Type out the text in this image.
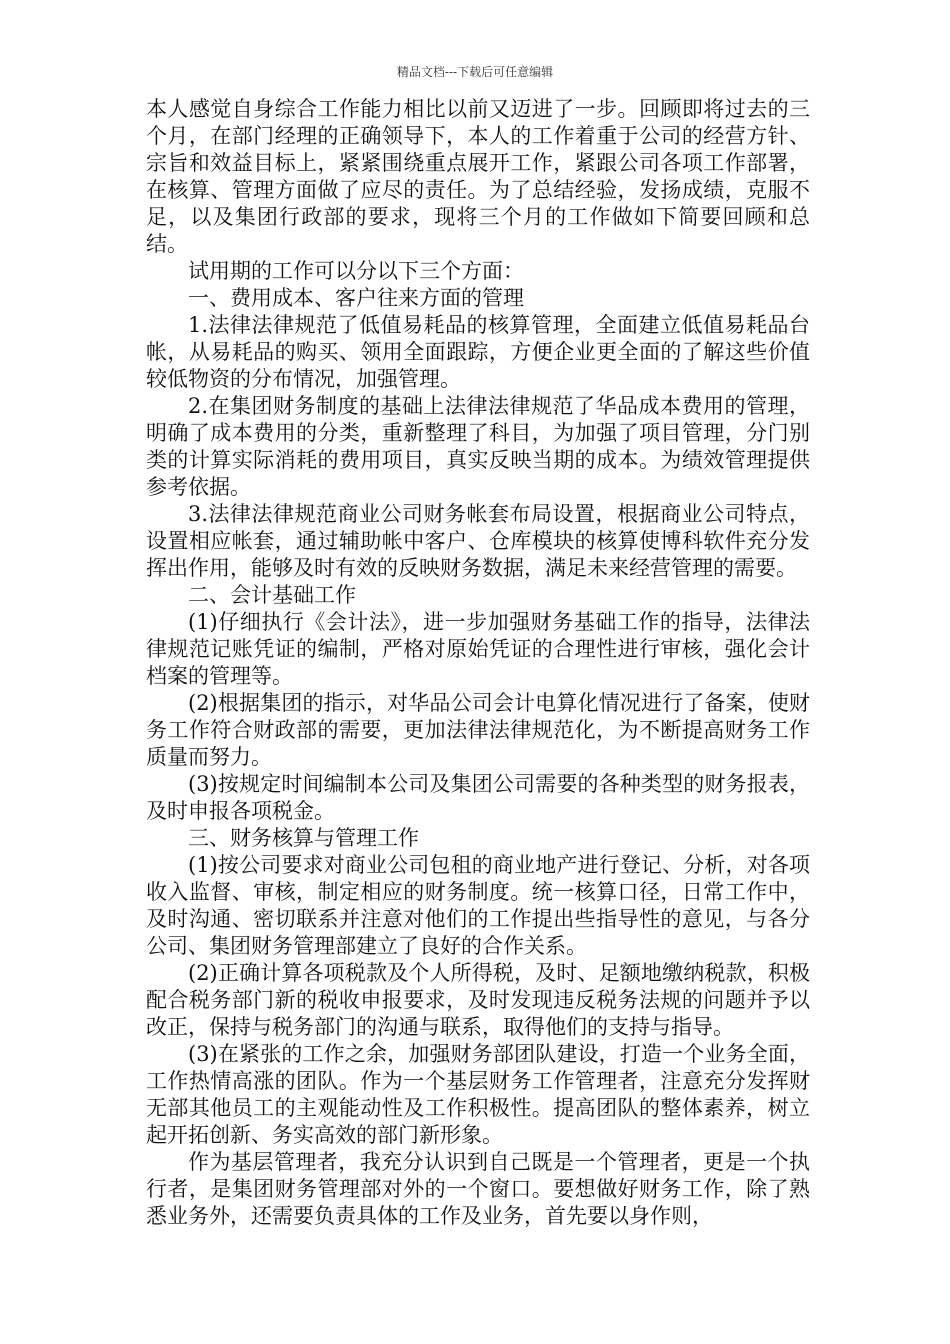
精品文档---下载后可任意编辑

本人感觉自身综合工作能力相比以前又迈进了一步。回顾即将过去的三个月，在部门经理的正确领导下，本人的工作着重于公司的经营方针、宗旨和效益目标上，紧紧围绕重点展开工作，紧跟公司各项工作部署，在核算、管理方面做了应尽的责任。为了总结经验，发扬成绩，克服不足，以及集团行政部的要求，现将三个月的工作做如下简要回顾和总结。

试用期的工作可以分以下三个方面：

一、费用成本、客户往来方面的管理

1.法律法律规范了低值易耗品的核算管理，全面建立低值易耗品台帐，从易耗品的购买、领用全面跟踪，方便企业更全面的了解这些价值较低物资的分布情况，加强管理。

2.在集团财务制度的基础上法律法律规范了华品成本费用的管理，明确了成本费用的分类，重新整理了科目，为加强了项目管理，分门别类的计算实际消耗的费用项目，真实反映当期的成本。为绩效管理提供参考依据。

3.法律法律规范商业公司财务帐套布局设置，根据商业公司特点，设置相应帐套，通过辅助帐中客户、仓库模块的核算使博科软件充分发挥出作用，能够及时有效的反映财务数据，满足未来经营管理的需要。

二、会计基础工作

(1)仔细执行《会计法》，进一步加强财务基础工作的指导，法律法律规范记账凭证的编制，严格对原始凭证的合理性进行审核，强化会计档案的管理等。

(2)根据集团的指示，对华品公司会计电算化情况进行了备案，使财务工作符合财政部的需要，更加法律法律规范化，为不断提高财务工作质量而努力。

(3)按规定时间编制本公司及集团公司需要的各种类型的财务报表，及时申报各项税金。

三、财务核算与管理工作

(1)按公司要求对商业公司包租的商业地产进行登记、分析，对各项收入监督、审核，制定相应的财务制度。统一核算口径，日常工作中，及时沟通、密切联系并注意对他们的工作提出些指导性的意见，与各分公司、集团财务管理部建立了良好的合作关系。

(2)正确计算各项税款及个人所得税，及时、足额地缴纳税款，积极配合税务部门新的税收申报要求，及时发现违反税务法规的问题并予以改正，保持与税务部门的沟通与联系，取得他们的支持与指导。

(3)在紧张的工作之余，加强财务部团队建设，打造一个业务全面，工作热情高涨的团队。作为一个基层财务工作管理者，注意充分发挥财无部其他员工的主观能动性及工作积极性。提高团队的整体素养，树立起开拓创新、务实高效的部门新形象。

作为基层管理者，我充分认识到自己既是一个管理者，更是一个执行者，是集团财务管理部对外的一个窗口。要想做好财务工作，除了熟悉业务外，还需要负责具体的工作及业务，首先要以身作则，
